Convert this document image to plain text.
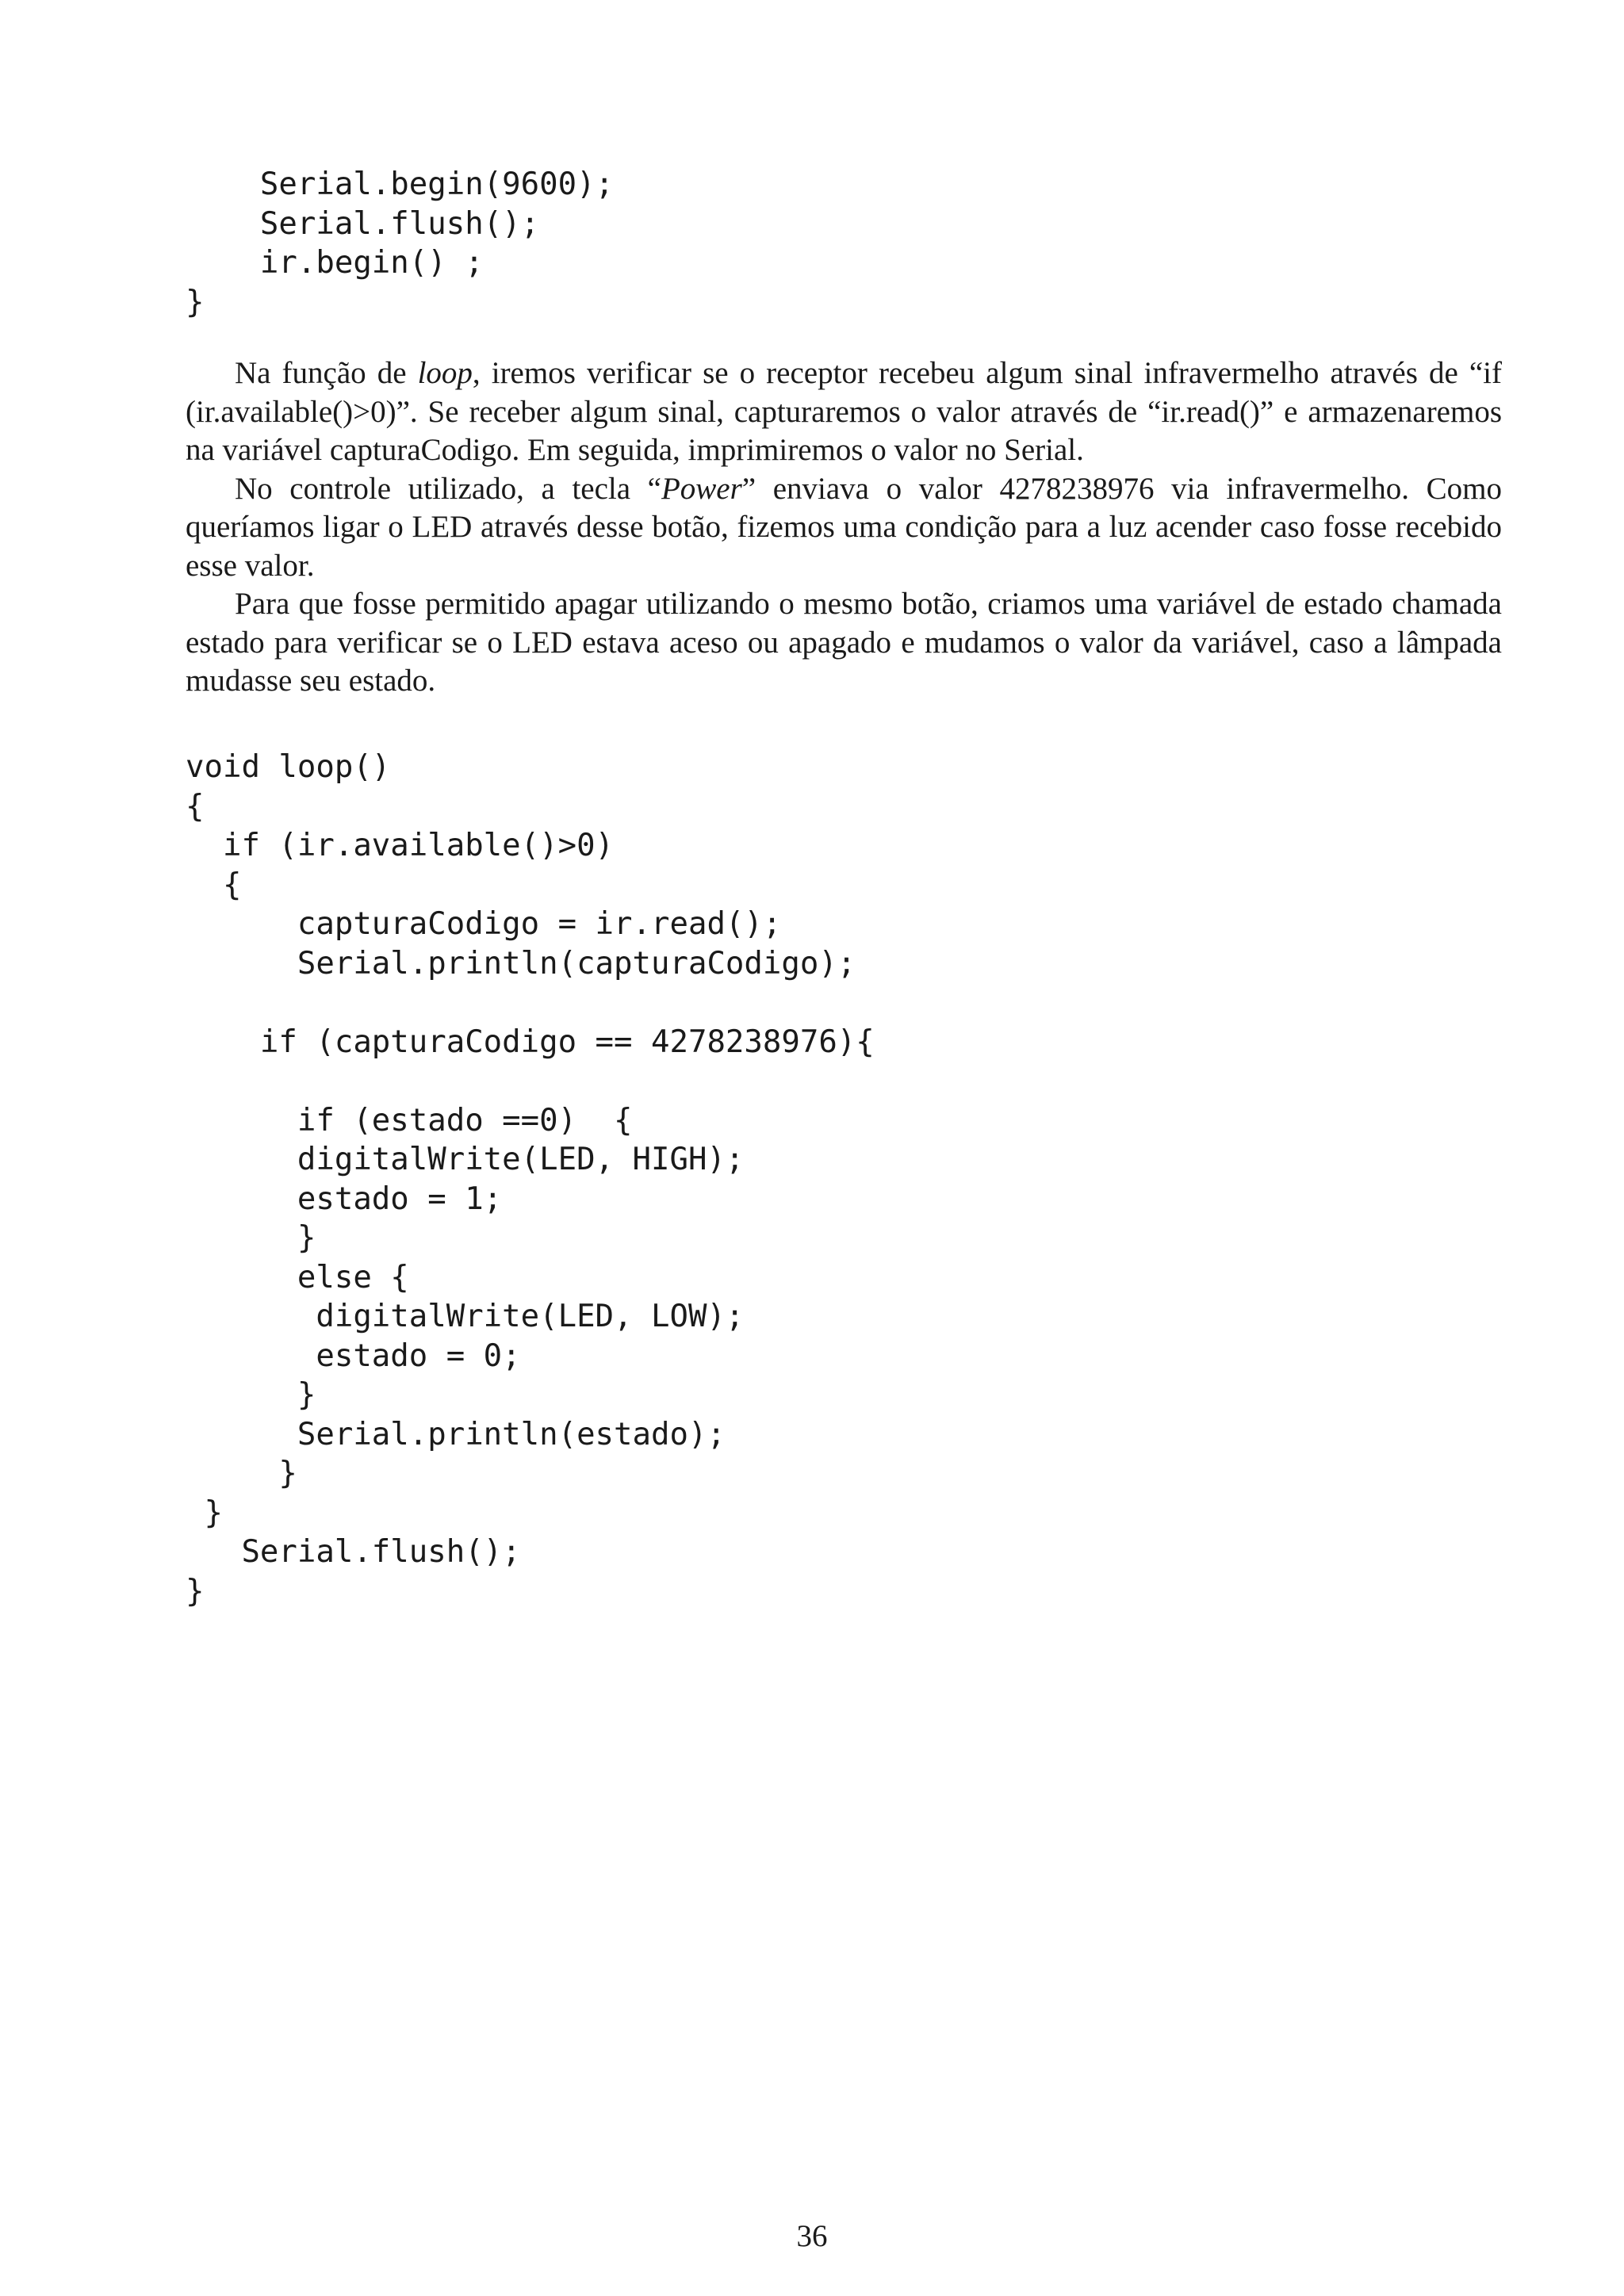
Serial.begin(9600);
Serial.flush();
ir.begin() ;
}

Na função de loop, iremos verificar se o receptor recebeu algum sinal infravermelho através de “if (ir.available()>0)”. Se receber algum sinal, capturaremos o valor através de “ir.read()” e armazenaremos na variável capturaCodigo. Em seguida, imprimiremos o valor no Serial.

No controle utilizado, a tecla “Power” enviava o valor 4278238976 via infravermelho. Como queríamos ligar o LED através desse botão, fizemos uma condição para a luz acender caso fosse recebido esse valor.

Para que fosse permitido apagar utilizando o mesmo botão, criamos uma variável de estado chamada estado para verificar se o LED estava aceso ou apagado e mudamos o valor da variável, caso a lâmpada mudasse seu estado.

void loop()
{
if (ir.available()>0)
{
capturaCodigo = ir.read();
Serial.println(capturaCodigo);
if (capturaCodigo == 4278238976){
if (estado ==0)  {
digitalWrite(LED, HIGH);
estado = 1;
}
else {
digitalWrite(LED, LOW);
estado = 0;
}
Serial.println(estado);
}
}
Serial.flush();
}
36
